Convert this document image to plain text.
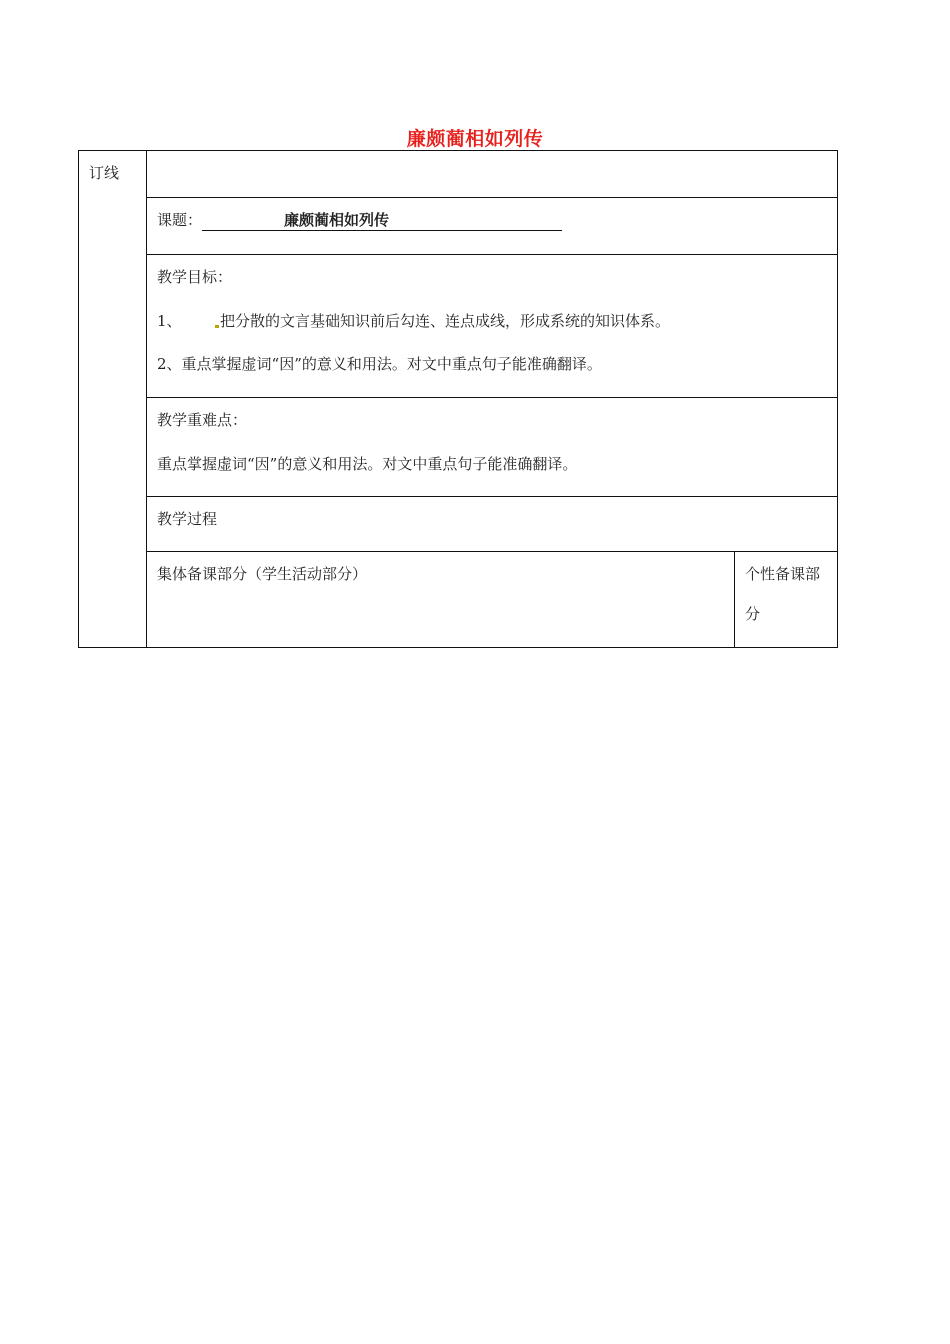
廉颇蔺相如列传
订线		

	课题： 廉颇蔺相如列传	

	教学目标：

1、 把分散的文言基础知识前后勾连、连点成线，形成系统的知识体系。

2、重点掌握虚词“因”的意义和用法。对文中重点句子能准确翻译。	

	教学重难点：

重点掌握虚词“因”的意义和用法。对文中重点句子能准确翻译。	

	教学过程	

	集体备课部分（学生活动部分）	个性备课部
分
